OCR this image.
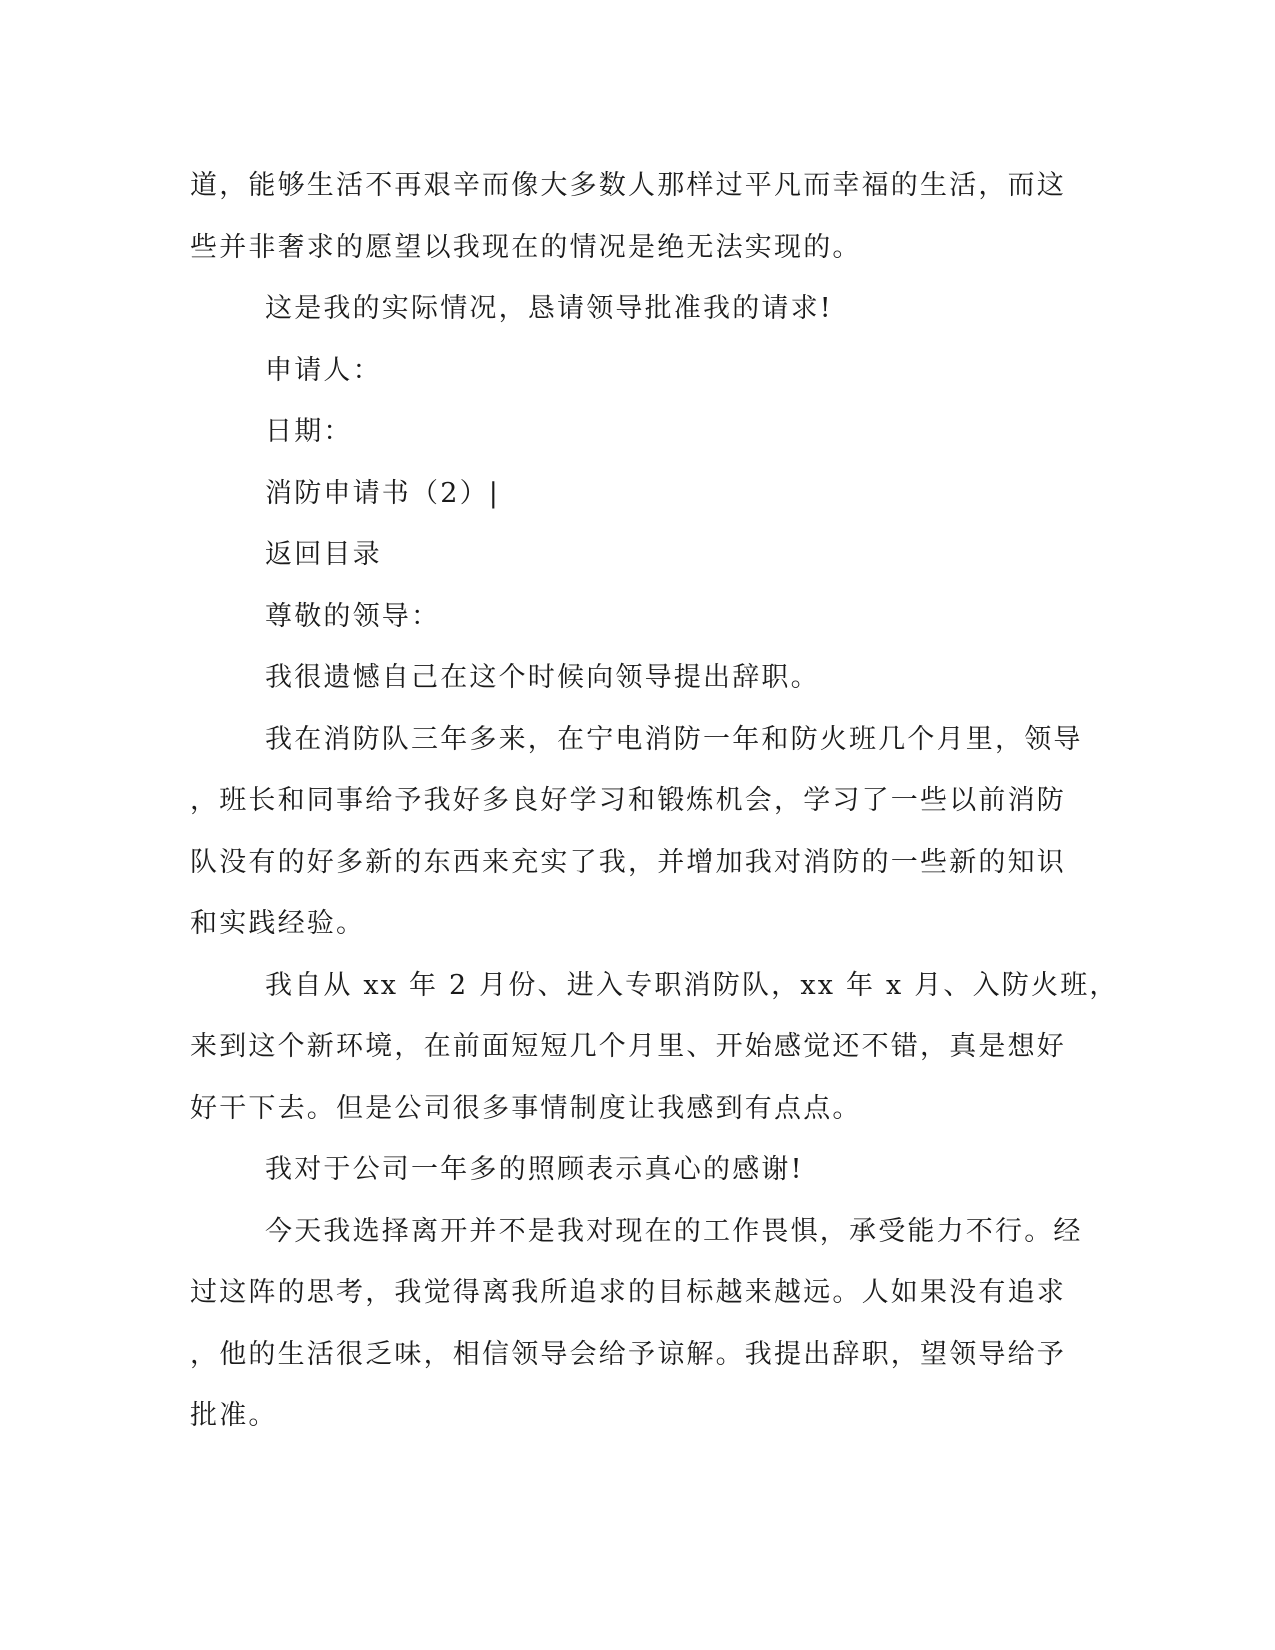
道，能够生活不再艰辛而像大多数人那样过平凡而幸福的生活，而这
些并非奢求的愿望以我现在的情况是绝无法实现的。
这是我的实际情况，恳请领导批准我的请求!
申请人：
日期：
消防申请书（2）|
返回目录
尊敬的领导：
我很遗憾自己在这个时候向领导提出辞职。
我在消防队三年多来，在宁电消防一年和防火班几个月里，领导
，班长和同事给予我好多良好学习和锻炼机会，学习了一些以前消防
队没有的好多新的东西来充实了我，并增加我对消防的一些新的知识
和实践经验。
我自从 xx 年 2 月份、进入专职消防队，xx 年 x 月、入防火班，
来到这个新环境，在前面短短几个月里、开始感觉还不错，真是想好
好干下去。但是公司很多事情制度让我感到有点点。
我对于公司一年多的照顾表示真心的感谢!
今天我选择离开并不是我对现在的工作畏惧，承受能力不行。经
过这阵的思考，我觉得离我所追求的目标越来越远。人如果没有追求
，他的生活很乏味，相信领导会给予谅解。我提出辞职，望领导给予
批准。
